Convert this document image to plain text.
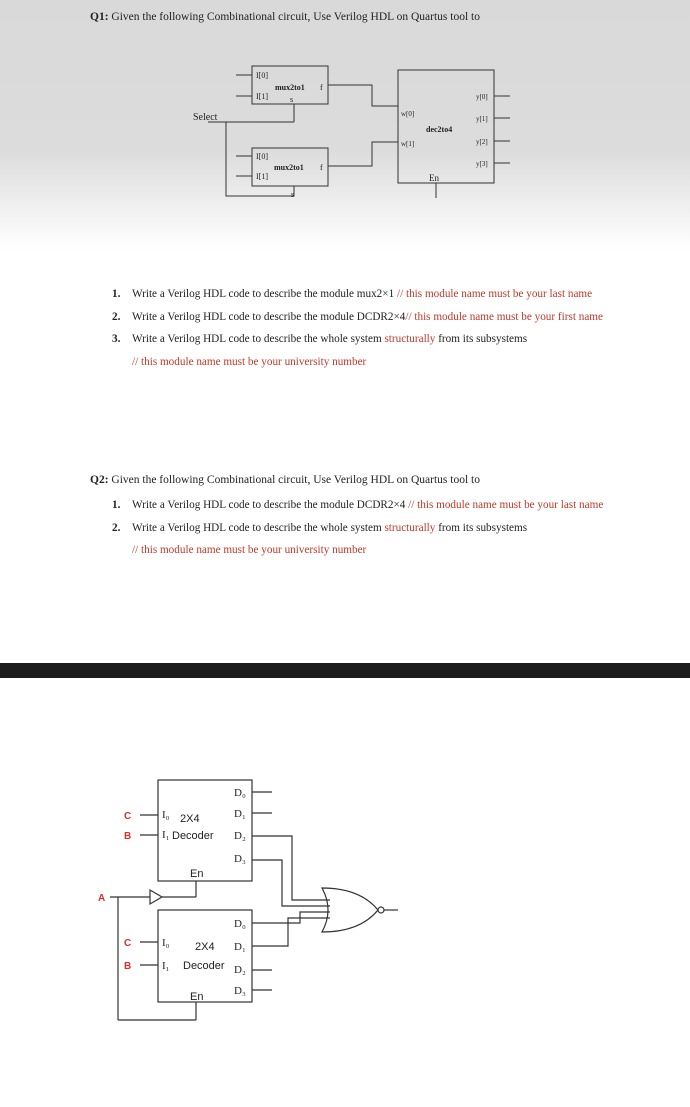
Q1: Given the following Combinational circuit, Use Verilog HDL on Quartus tool to
I[0]
I[1]
mux2to1 f
s
Select
I[0]
I[1]
mux2to1 f
s
w[0]
w[1]
dec2to4
y[0]
y[1]
y[2]
y[3]
En
1. Write a Verilog HDL code to describe the module mux2×1 // this module name must be your last name
2. Write a Verilog HDL code to describe the module DCDR2×4// this module name must be your first name
3. Write a Verilog HDL code to describe the whole system structurally from its subsystems
// this module name must be your university number
Q2: Given the following Combinational circuit, Use Verilog HDL on Quartus tool to
1. Write a Verilog HDL code to describe the module DCDR2×4 // this module name must be your last name
2. Write a Verilog HDL code to describe the whole system structurally from its subsystems
// this module name must be your university number
I₀
I₁
2X4
Decoder
D₀
D₁
D₂
D₃
En
I₀
I₁
2X4
Decoder
D₀
D₁
D₂
D₃
En
C
B
A
C
B
